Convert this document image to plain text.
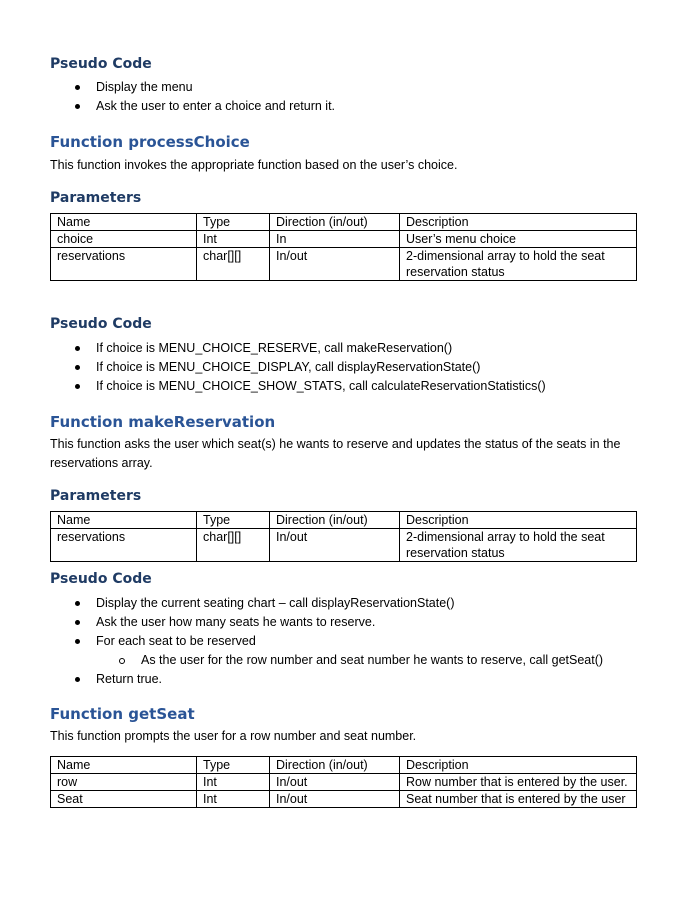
Pseudo Code
Display the menu
Ask the user to enter a choice and return it.
Function processChoice

This function invokes the appropriate function based on the user’s choice.

Parameters
Name	Type	Direction (in/out)	Description
choice	Int	In	User’s menu choice
reservations	char[][]	In/out	2-dimensional array to hold the seat reservation status
Pseudo Code
If choice is MENU_CHOICE_RESERVE, call makeReservation()
If choice is MENU_CHOICE_DISPLAY, call displayReservationState()
If choice is MENU_CHOICE_SHOW_STATS, call calculateReservationStatistics()
Function makeReservation

This function asks the user which seat(s) he wants to reserve and updates the status of the seats in the reservations array.

Parameters
Name	Type	Direction (in/out)	Description
reservations	char[][]	In/out	2-dimensional array to hold the seat reservation status
Pseudo Code
Display the current seating chart – call displayReservationState()
Ask the user how many seats he wants to reserve.
For each seat to be reserved
As the user for the row number and seat number he wants to reserve, call getSeat()
Return true.
Function getSeat

This function prompts the user for a row number and seat number.

Name	Type	Direction (in/out)	Description
row	Int	In/out	Row number that is entered by the user.
Seat	Int	In/out	Seat number that is entered by the user
